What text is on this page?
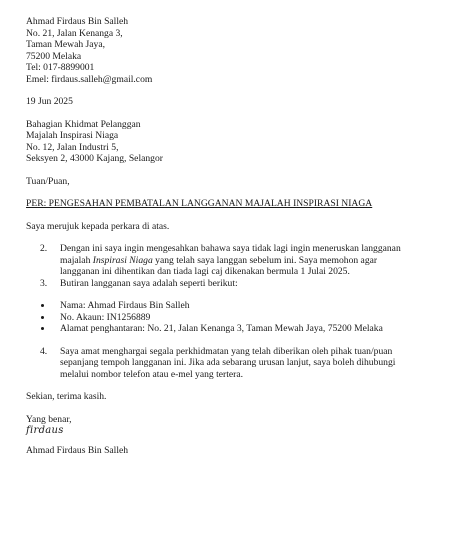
Ahmad Firdaus Bin Salleh
No. 21, Jalan Kenanga 3,
Taman Mewah Jaya,
75200 Melaka
Tel: 017-8899001
Emel: firdaus.salleh@gmail.com
19 Jun 2025
Bahagian Khidmat Pelanggan
Majalah Inspirasi Niaga
No. 12, Jalan Industri 5,
Seksyen 2, 43000 Kajang, Selangor
Tuan/Puan,
PER: PENGESAHAN PEMBATALAN LANGGANAN MAJALAH INSPIRASI NIAGA
Saya merujuk kepada perkara di atas.
2. Dengan ini saya ingin mengesahkan bahawa saya tidak lagi ingin meneruskan langganan
majalah Inspirasi Niaga yang telah saya langgan sebelum ini. Saya memohon agar
langganan ini dihentikan dan tiada lagi caj dikenakan bermula 1 Julai 2025.
3. Butiran langganan saya adalah seperti berikut:
Nama: Ahmad Firdaus Bin Salleh
No. Akaun: IN1256889
Alamat penghantaran: No. 21, Jalan Kenanga 3, Taman Mewah Jaya, 75200 Melaka
4. Saya amat menghargai segala perkhidmatan yang telah diberikan oleh pihak tuan/puan
sepanjang tempoh langganan ini. Jika ada sebarang urusan lanjut, saya boleh dihubungi
melalui nombor telefon atau e-mel yang tertera.
Sekian, terima kasih.
Yang benar,
firdaus
Ahmad Firdaus Bin Salleh
